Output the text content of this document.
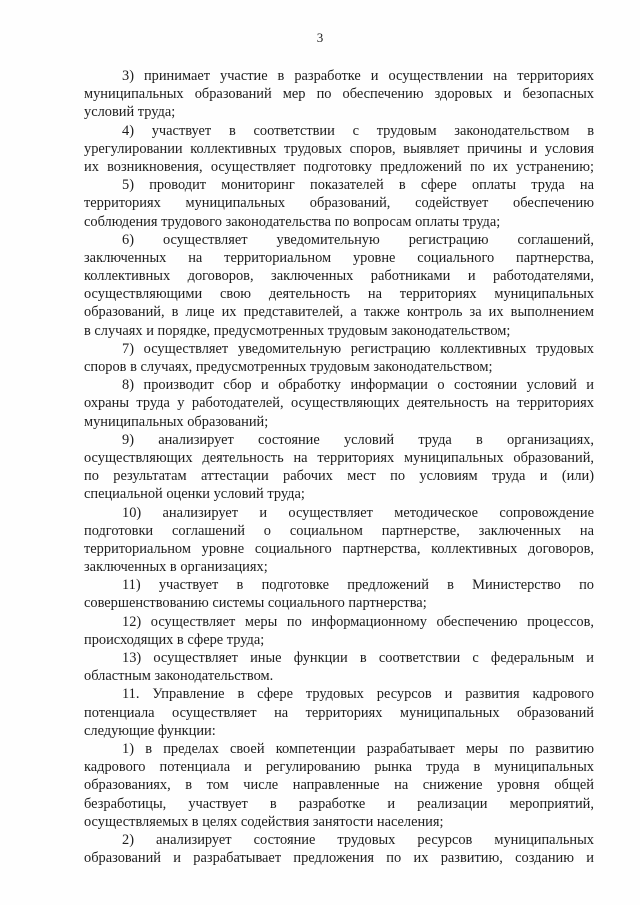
3
3) принимает участие в разработке и осуществлении на территориях
муниципальных образований мер по обеспечению здоровых и безопасных
условий труда;
4) участвует в соответствии с трудовым законодательством в
урегулировании коллективных трудовых споров, выявляет причины и условия
их возникновения, осуществляет подготовку предложений по их устранению;
5) проводит мониторинг показателей в сфере оплаты труда на
территориях муниципальных образований, содействует обеспечению
соблюдения трудового законодательства по вопросам оплаты труда;
6) осуществляет уведомительную регистрацию соглашений,
заключенных на территориальном уровне социального партнерства,
коллективных договоров, заключенных работниками и работодателями,
осуществляющими свою деятельность на территориях муниципальных
образований, в лице их представителей, а также контроль за их выполнением
в случаях и порядке, предусмотренных трудовым законодательством;
7) осуществляет уведомительную регистрацию коллективных трудовых
споров в случаях, предусмотренных трудовым законодательством;
8) производит сбор и обработку информации о состоянии условий и
охраны труда у работодателей, осуществляющих деятельность на территориях
муниципальных образований;
9) анализирует состояние условий труда в организациях,
осуществляющих деятельность на территориях муниципальных образований,
по результатам аттестации рабочих мест по условиям труда и (или)
специальной оценки условий труда;
10) анализирует и осуществляет методическое сопровождение
подготовки соглашений о социальном партнерстве, заключенных на
территориальном уровне социального партнерства, коллективных договоров,
заключенных в организациях;
11) участвует в подготовке предложений в Министерство по
совершенствованию системы социального партнерства;
12) осуществляет меры по информационному обеспечению процессов,
происходящих в сфере труда;
13) осуществляет иные функции в соответствии с федеральным и
областным законодательством.
11. Управление в сфере трудовых ресурсов и развития кадрового
потенциала осуществляет на территориях муниципальных образований
следующие функции:
1) в пределах своей компетенции разрабатывает меры по развитию
кадрового потенциала и регулированию рынка труда в муниципальных
образованиях, в том числе направленные на снижение уровня общей
безработицы, участвует в разработке и реализации мероприятий,
осуществляемых в целях содействия занятости населения;
2) анализирует состояние трудовых ресурсов муниципальных
образований и разрабатывает предложения по их развитию, созданию и
